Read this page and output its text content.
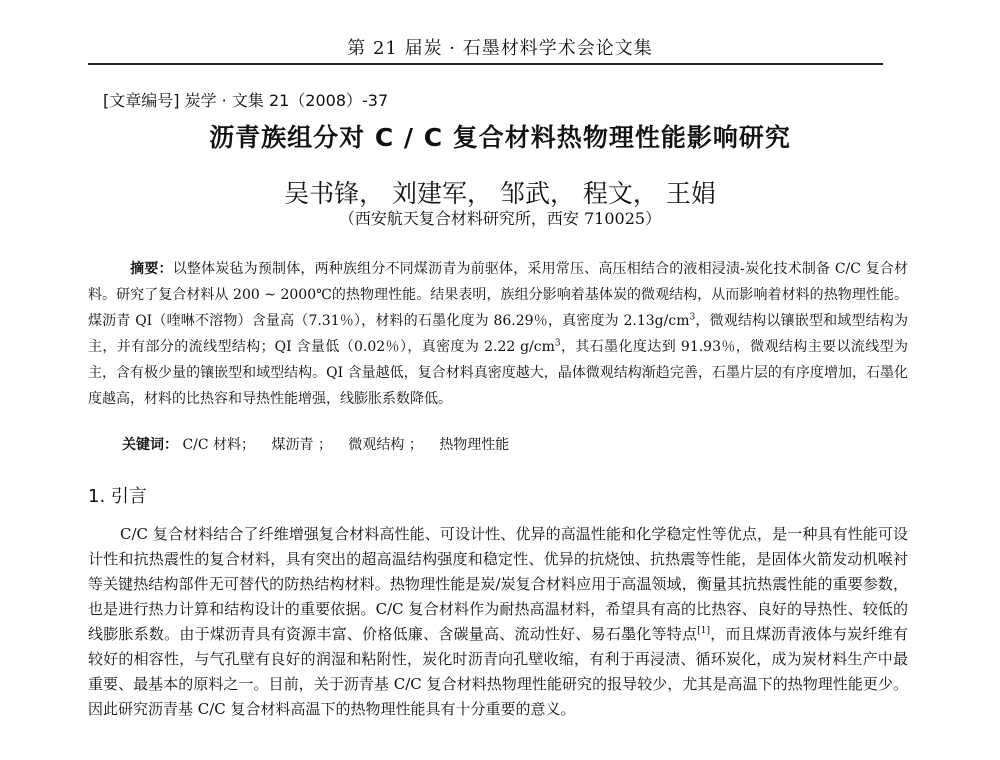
第 21 届炭 · 石墨材料学术会论文集
[文章编号] 炭学 · 文集 21（2008）-37
沥青族组分对 C / C 复合材料热物理性能影响研究
吴书锋， 刘建军， 邹武， 程文， 王娟
（西安航天复合材料研究所，西安 710025）

摘要：以整体炭毡为预制体，两种族组分不同煤沥青为前驱体，采用常压、高压相结合的液相浸渍-炭化技术制备 C/C 复合材料。研究了复合材料从 200 ~ 2000℃的热物理性能。结果表明，族组分影响着基体炭的微观结构，从而影响着材料的热物理性能。煤沥青 QI（喹啉不溶物）含量高（7.31％），材料的石墨化度为 86.29％，真密度为 $2.13g/cm^3$，微观结构以镶嵌型和域型结构为主，并有部分的流线型结构；QI 含量低（0.02％），真密度为 2.22 $g/cm^3$，其石墨化度达到 91.93％，微观结构主要以流线型为主，含有极少量的镶嵌型和域型结构。QI 含量越低，复合材料真密度越大，晶体微观结构渐趋完善，石墨片层的有序度增加，石墨化度越高，材料的比热容和导热性能增强，线膨胀系数降低。

关键词： C/C 材料； 煤沥青 ； 微观结构 ； 热物理性能
1. 引言

C/C 复合材料结合了纤维增强复合材料高性能、可设计性、优异的高温性能和化学稳定性等优点，是一种具有性能可设计性和抗热震性的复合材料，具有突出的超高温结构强度和稳定性、优异的抗烧蚀、抗热震等性能，是固体火箭发动机喉衬等关键热结构部件无可替代的防热结构材料。热物理性能是炭/炭复合材料应用于高温领域，衡量其抗热震性能的重要参数，也是进行热力计算和结构设计的重要依据。C/C 复合材料作为耐热高温材料，希望具有高的比热容、良好的导热性、较低的线膨胀系数。由于煤沥青具有资源丰富、价格低廉、含碳量高、流动性好、易石墨化等特点[1]，而且煤沥青液体与炭纤维有较好的相容性，与气孔壁有良好的润湿和粘附性，炭化时沥青向孔壁收缩，有利于再浸渍、循环炭化，成为炭材料生产中最重要、最基本的原料之一。目前，关于沥青基 C/C 复合材料热物理性能研究的报导较少，尤其是高温下的热物理性能更少。因此研究沥青基 C/C 复合材料高温下的热物理性能具有十分重要的意义。
